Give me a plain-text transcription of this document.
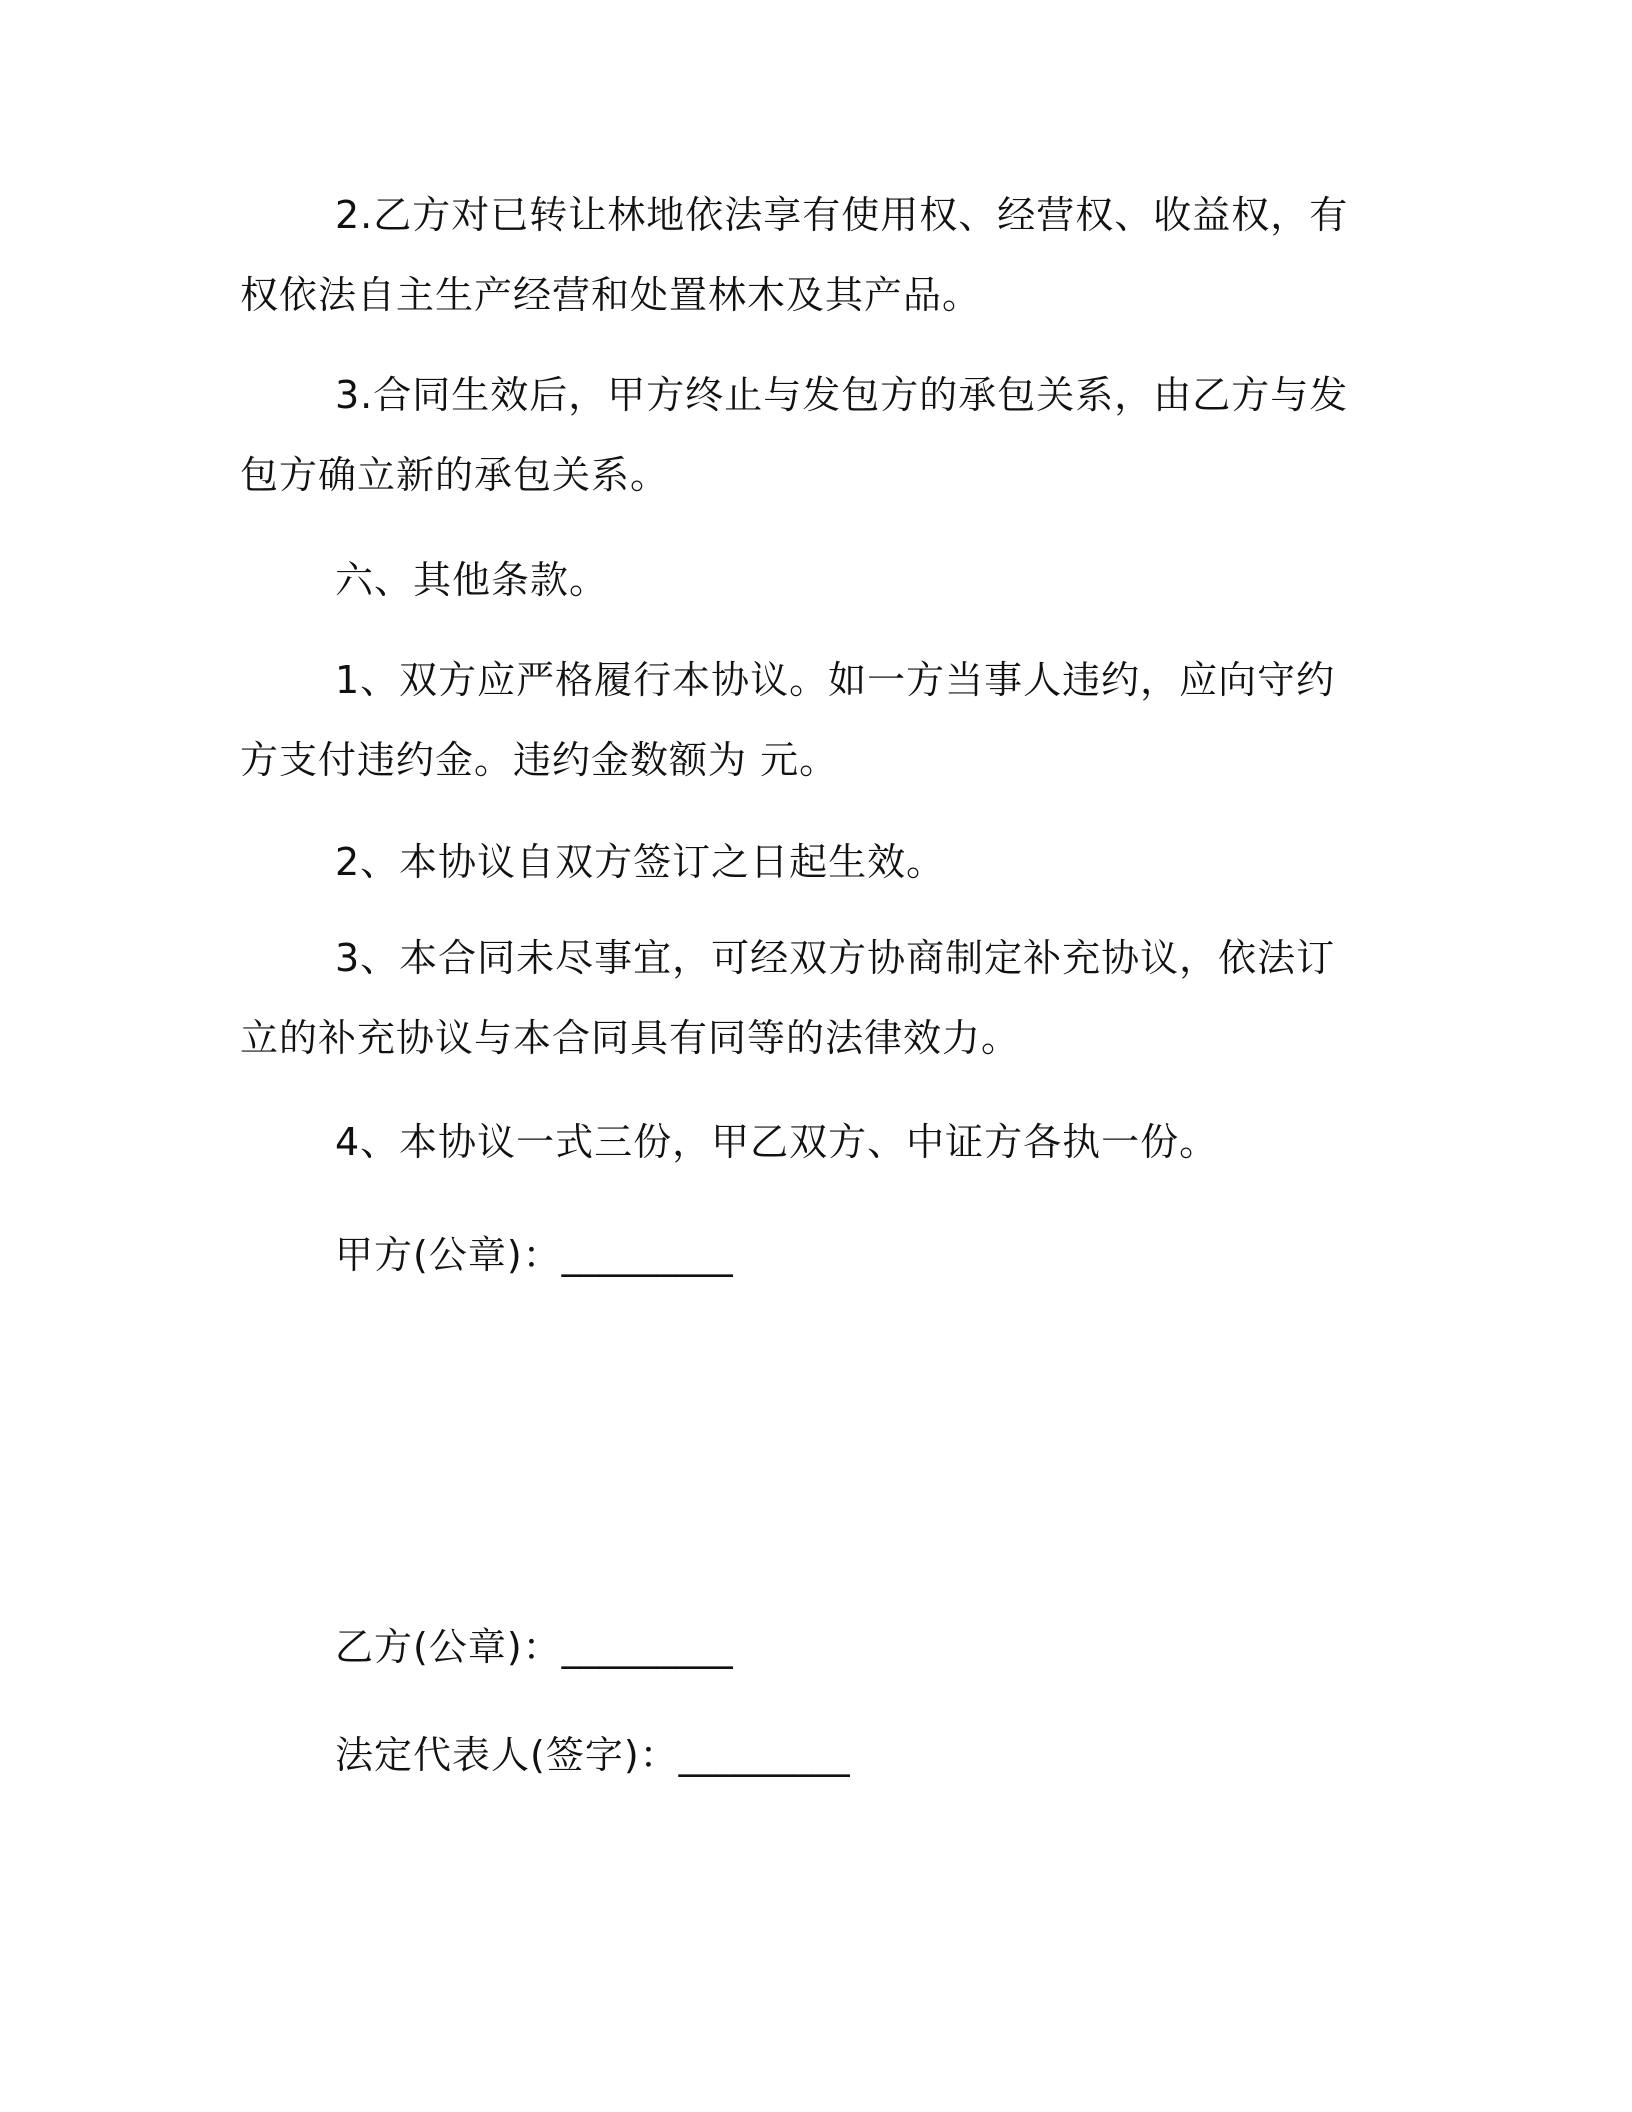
2.乙方对已转让林地依法享有使用权、经营权、收益权，有权依法自主生产经营和处置林木及其产品。

3.合同生效后，甲方终止与发包方的承包关系，由乙方与发包方确立新的承包关系。

六、其他条款。

1、双方应严格履行本协议。如一方当事人违约，应向守约方支付违约金。违约金数额为 元。

2、本协议自双方签订之日起生效。

3、本合同未尽事宜，可经双方协商制定补充协议，依法订立的补充协议与本合同具有同等的法律效力。

4、本协议一式三份，甲乙双方、中证方各执一份。

甲方(公章)：_________
乙方(公章)：_________
法定代表人(签字)：_________
